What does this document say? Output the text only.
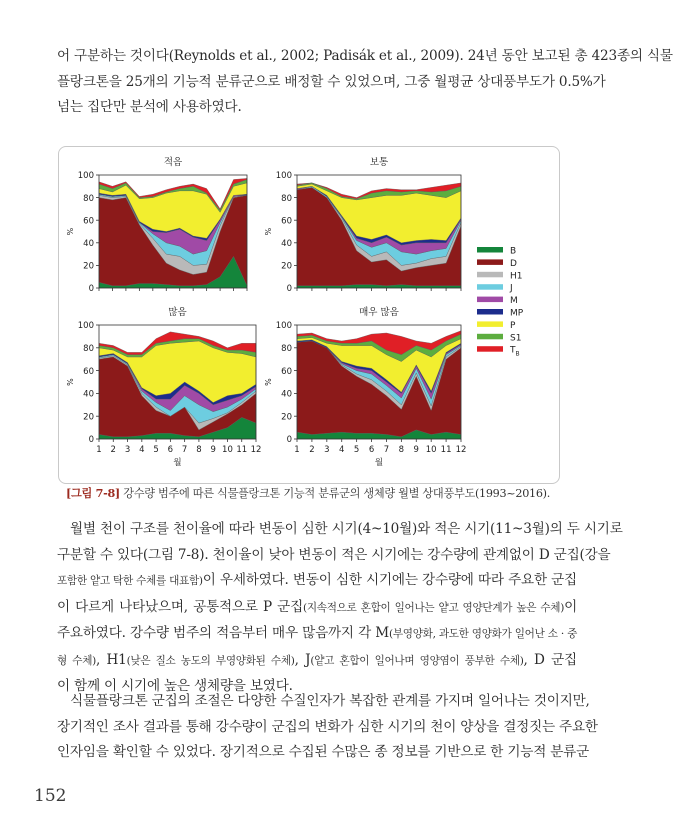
어 구분하는 것이다(Reynolds et al., 2002; Padisák et al., 2009). 24년 동안 보고된 총 423종의 식물
플랑크톤을 25개의 기능적 분류군으로 배정할 수 있었으며, 그중 월평균 상대풍부도가 0.5%가
넘는 집단만 분석에 사용하였다.
0
20
40
60
80
100
%
적음
0
20
40
60
80
100
%
보통
0
20
40
60
80
100
1 2 3 4 5 6 7 8 9 10 11 12
%
많음
월
0
20
40
60
80
100
1 2 3 4 5 6 7 8 9 10 11 12
%
매우 많음
월
B
D
H1
J
M
MP
P
S1
$T_B$
[그림 7-8] 강수량 범주에 따른 식물플랑크톤 기능적 분류군의 생체량 월별 상대풍부도(1993~2016).
월별 천이 구조를 천이율에 따라 변동이 심한 시기(4~10월)와 적은 시기(11~3월)의 두 시기로
구분할 수 있다(그림 7-8). 천이율이 낮아 변동이 적은 시기에는 강수량에 관계없이 D 군집(강을
포함한 얕고 탁한 수체를 대표함)이 우세하였다. 변동이 심한 시기에는 강수량에 따라 주요한 군집
이 다르게 나타났으며, 공통적으로 P 군집(지속적으로 혼합이 일어나는 얕고 영양단계가 높은 수체)이
주요하였다. 강수량 범주의 적음부터 매우 많음까지 각 M(부영양화, 과도한 영양화가 일어난 소 · 중
형 수체), H1(낮은 질소 농도의 부영양화된 수체), J(얕고 혼합이 일어나며 영양염이 풍부한 수체), D 군집
이 함께 이 시기에 높은 생체량을 보였다.
식물플랑크톤 군집의 조절은 다양한 수질인자가 복잡한 관계를 가지며 일어나는 것이지만,
장기적인 조사 결과를 통해 강수량이 군집의 변화가 심한 시기의 천이 양상을 결정짓는 주요한
인자임을 확인할 수 있었다. 장기적으로 수집된 수많은 종 정보를 기반으로 한 기능적 분류군
152
